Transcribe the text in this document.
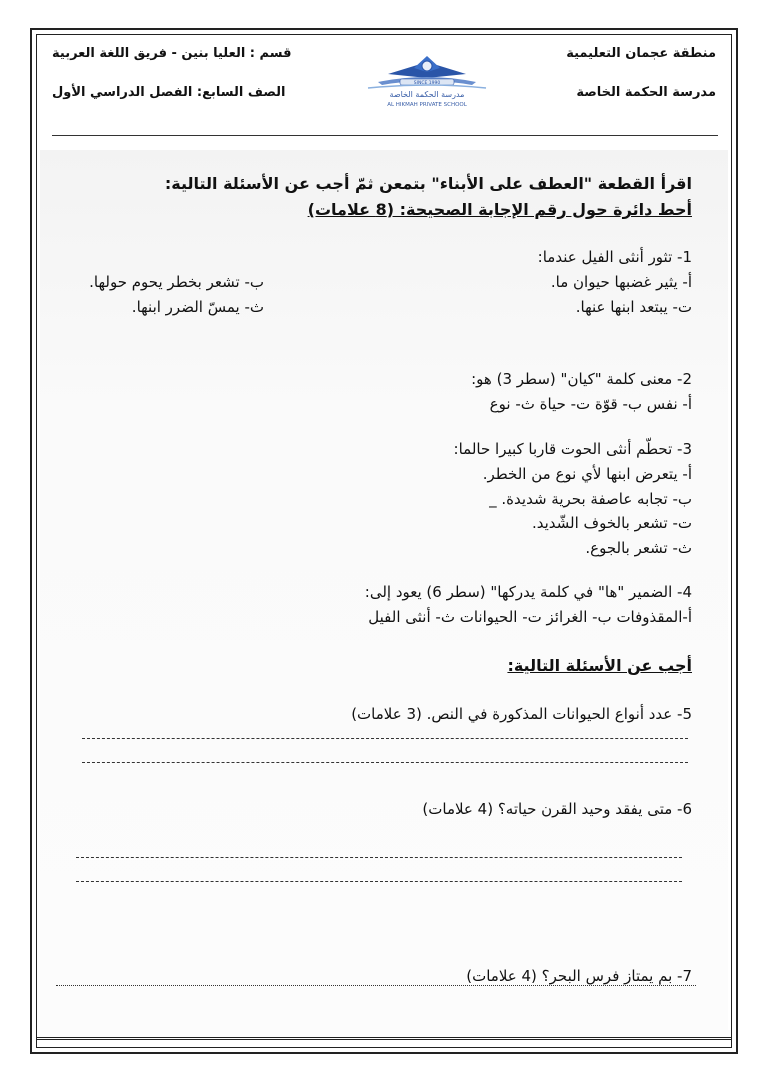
منطقة عجمان التعليمية
مدرسة الحكمة الخاصة
قسم : العليا بنين - فريق اللغة العربية
الصف السابع: الفصل الدراسي الأول
SINCE 1990
مدرسة الحكمة الخاصة
AL HIKMAH PRIVATE SCHOOL
اقرأ القطعة "العطف على الأبناء" بتمعن ثمّ أجب عن الأسئلة التالية:
أحط دائرة حول رقم الإجابة الصحيحة: (8 علامات)
1- تثور أنثى الفيل عندما:
أ- يثير غضبها حيوان ما.
ب- تشعر بخطر يحوم حولها.
ت- يبتعد ابنها عنها.
ث- يمسّ الضرر ابنها.
2- معنى كلمة "كيان" (سطر 3) هو:
أ- نفس ب- قوّة ت- حياة ث- نوع
3- تحطّم أنثى الحوت قاربا كبيرا حالما:
أ- يتعرض ابنها لأي نوع من الخطر.
ب- تجابه عاصفة بحرية شديدة. _
ت- تشعر بالخوف الشّديد.
ث- تشعر بالجوع.
4- الضمير "ها" في كلمة يدركها" (سطر 6) يعود إلى:
أ-المقذوفات ب- الغرائز ت- الحيوانات ث- أنثى الفيل
أجب عن الأسئلة التالية:
5- عدد أنواع الحيوانات المذكورة في النص. (3 علامات)
6- متى يفقد وحيد القرن حياته؟ (4 علامات)
7- بم يمتاز فرس البحر؟ (4 علامات)
